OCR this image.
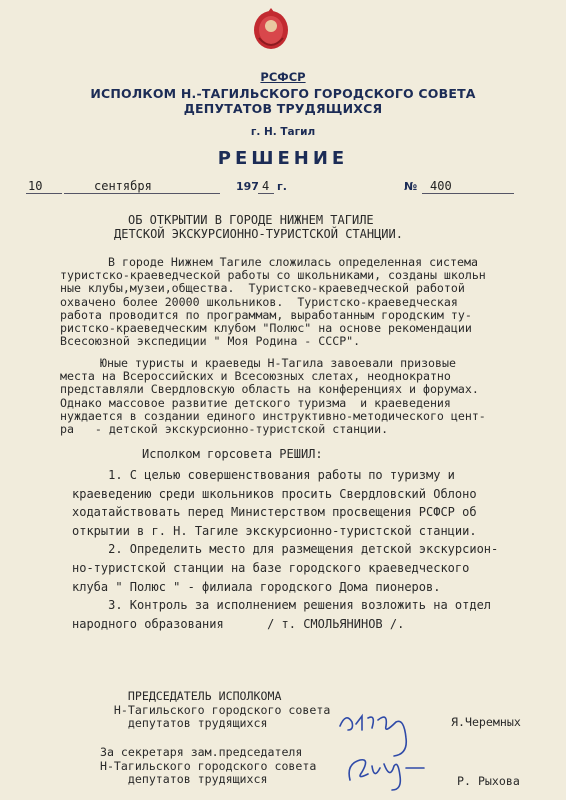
РСФСР
ИСПОЛКОМ Н.-ТАГИЛЬСКОГО ГОРОДСКОГО СОВЕТА
ДЕПУТАТОВ ТРУДЯЩИХСЯ
г. Н. Тагил
РЕШЕНИЕ
10	сентября	197 4 г.	№ 400
ОБ ОТКРЫТИИ В ГОРОДЕ НИЖНЕМ ТАГИЛЕ
ДЕТСКОЙ ЭКСКУРСИОННО-ТУРИСТСКОЙ СТАНЦИИ.
В городе Нижнем Тагиле сложилась определенная система
туристско-краеведческой работы со школьниками, созданы школьн
ные клубы,музеи,общества.  Туристско-краеведческой работой
охвачено более 20000 школьников.  Туристско-краеведческая
работа проводится по программам, выработанным городским ту-
ристско-краеведческим клубом "Полюс" на основе рекомендации
Всесоюзной экспедиции " Моя Родина - СССР".
Юные туристы и краеведы Н-Тагила завоевали призовые
места на Всероссийских и Всесоюзных слетах, неоднократно
представляли Свердловскую область на конференциях и форумах.
Однако массовое развитие детского туризма  и краеведения
нуждается в создании единого инструктивно-методического цент-
ра   - детской экскурсионно-туристской станции.
Исполком горсовета РЕШИЛ:
1. С целью совершенствования работы по туризму и
краеведению среди школьников просить Свердловский Облоно
ходатайствовать перед Министерством просвещения РСФСР об
открытии в г. Н. Тагиле экскурсионно-туристской станции.
2. Определить место для размещения детской экскурсион-
но-туристской станции на базе городского краеведческого
клуба " Полюс " - филиала городского Дома пионеров.
3. Контроль за исполнением решения возложить на отдел
народного образования      / т. СМОЛЬЯНИНОВ /.
ПРЕДСЕДАТЕЛЬ ИСПОЛКОМА
Н-Тагильского городского совета
депутатов трудящихся	Я.Черемных
За секретаря зам.председателя
Н-Тагильского городского совета
депутатов трудящихся	Р. Рыхова
